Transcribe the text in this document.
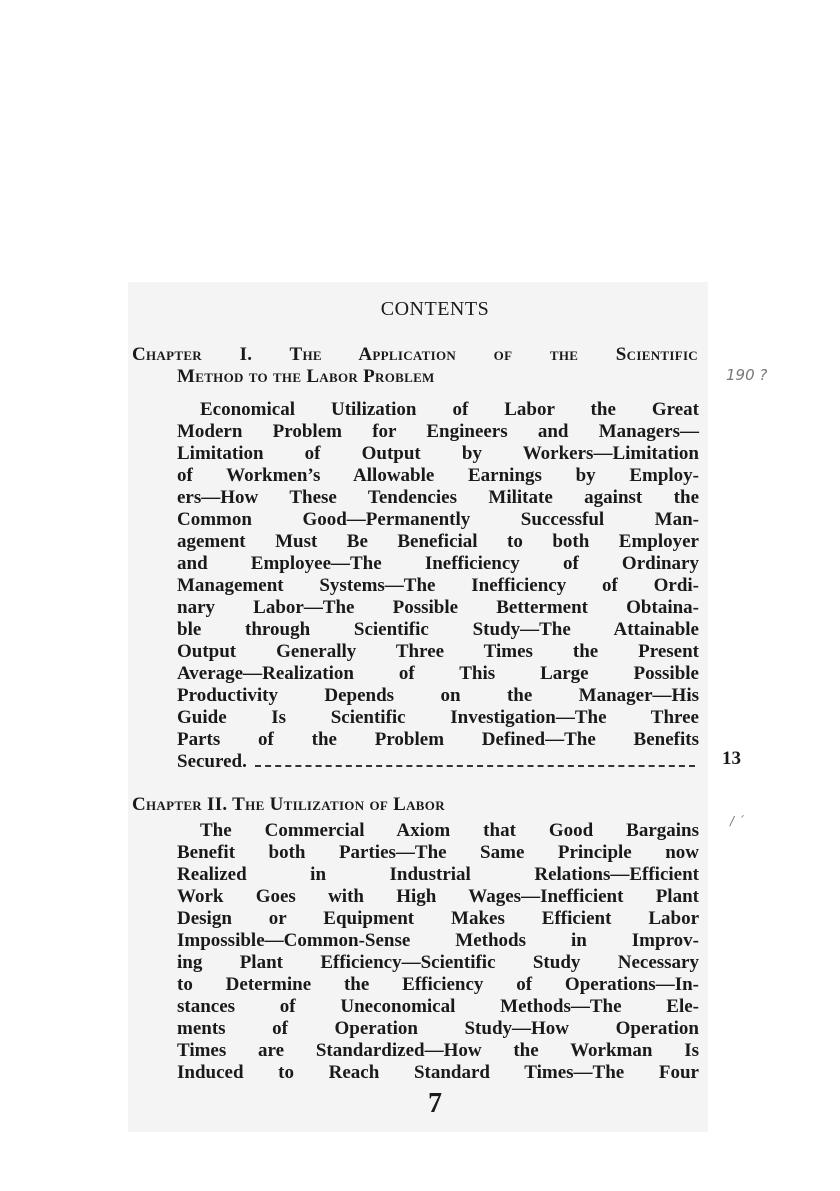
CONTENTS
Chapter I. The Application of the Scientific
Method to the Labor Problem	190 ?
Economical Utilization of Labor the Great
Modern Problem for Engineers and Managers—
Limitation of Output by Workers—Limitation
of Workmen’s Allowable Earnings by Employ-
ers—How These Tendencies Militate against the
Common Good—Permanently Successful Man-
agement Must Be Beneficial to both Employer
and Employee—The Inefficiency of Ordinary
Management Systems—The Inefficiency of Ordi-
nary Labor—The Possible Betterment Obtaina-
ble through Scientific Study—The Attainable
Output Generally Three Times the Present
Average—Realization of This Large Possible
Productivity Depends on the Manager—His
Guide Is Scientific Investigation—The Three
Parts of the Problem Defined—The Benefits
Secured.	13
Chapter II. The Utilization of Labor
/ ´
The Commercial Axiom that Good Bargains
Benefit both Parties—The Same Principle now
Realized in Industrial Relations—Efficient
Work Goes with High Wages—Inefficient Plant
Design or Equipment Makes Efficient Labor
Impossible—Common-Sense Methods in Improv-
ing Plant Efficiency—Scientific Study Necessary
to Determine the Efficiency of Operations—In-
stances of Uneconomical Methods—The Ele-
ments of Operation Study—How Operation
Times are Standardized—How the Workman Is
Induced to Reach Standard Times—The Four
7
